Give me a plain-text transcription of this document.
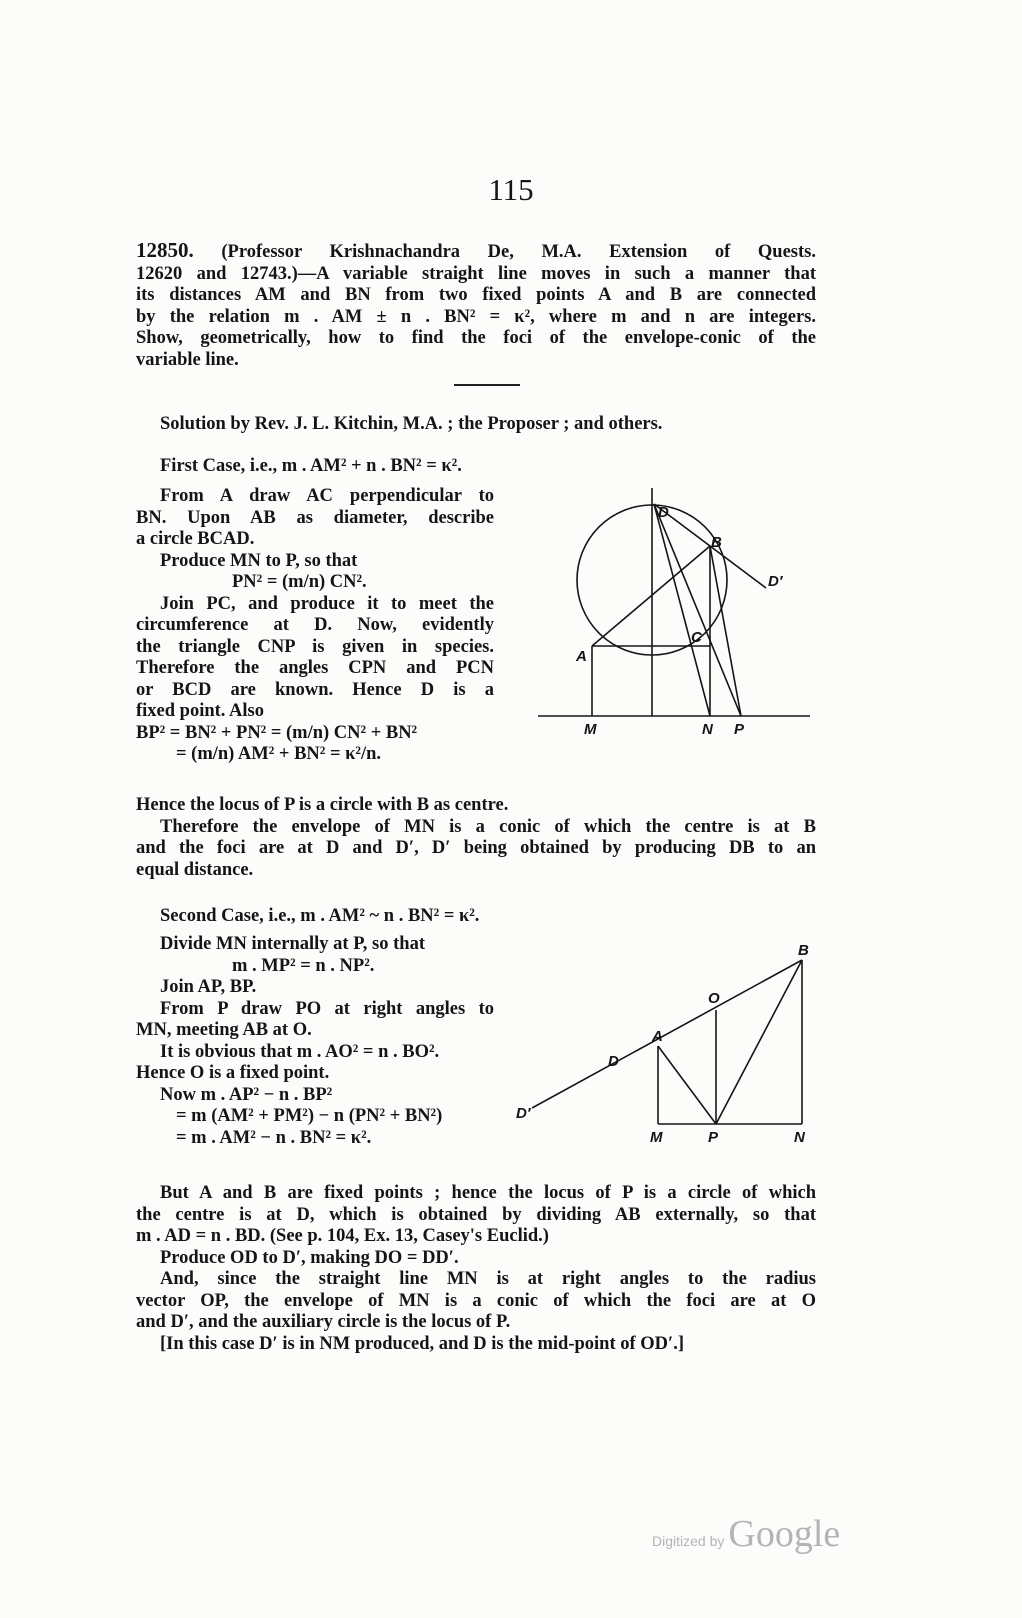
115

12850. (Professor Krishnachandra De, M.A. Extension of Quests.

12620 and 12743.)—A variable straight line moves in such a manner that

its distances AM and BN from two fixed points A and B are connected

by the relation m . AM ± n . BN² = κ², where m and n are integers.

Show, geometrically, how to find the foci of the envelope-conic of the

variable line.

Solution by Rev. J. L. Kitchin, M.A. ; the Proposer ; and others.
First Case, i.e., m . AM² + n . BN² = κ².

From A draw AC perpendicular to

BN. Upon AB as diameter, describe

a circle BCAD.

Produce MN to P, so that

PN² = (m/n) CN².

Join PC, and produce it to meet the

circumference at D. Now, evidently

the triangle CNP is given in species.

Therefore the angles CPN and PCN

or BCD are known. Hence D is a

fixed point. Also

BP² = BN² + PN² = (m/n) CN² + BN²

= (m/n) AM² + BN² = κ²/n.

Hence the locus of P is a circle with B as centre.

Therefore the envelope of MN is a conic of which the centre is at B

and the foci are at D and D′, D′ being obtained by producing DB to an

equal distance.

Second Case, i.e., m . AM² ~ n . BN² = κ².

Divide MN internally at P, so that

m . MP² = n . NP².

Join AP, BP.

From P draw PO at right angles to

MN, meeting AB at O.

It is obvious that m . AO² = n . BO².

Hence O is a fixed point.

Now m . AP² − n . BP²

= m (AM² + PM²) − n (PN² + BN²)

= m . AM² − n . BN² = κ².

But A and B are fixed points ; hence the locus of P is a circle of which

the centre is at D, which is obtained by dividing AB externally, so that

m . AD = n . BD. (See p. 104, Ex. 13, Casey's Euclid.)

Produce OD to D′, making DO = DD′.

And, since the straight line MN is at right angles to the radius

vector OP, the envelope of MN is a conic of which the foci are at O

and D′, and the auxiliary circle is the locus of P.

[In this case D′ is in NM produced, and D is the mid-point of OD′.]

D
B
D′
C
A
M	N P
B
O
A
D
D′
M	P	N
Digitized by Google
